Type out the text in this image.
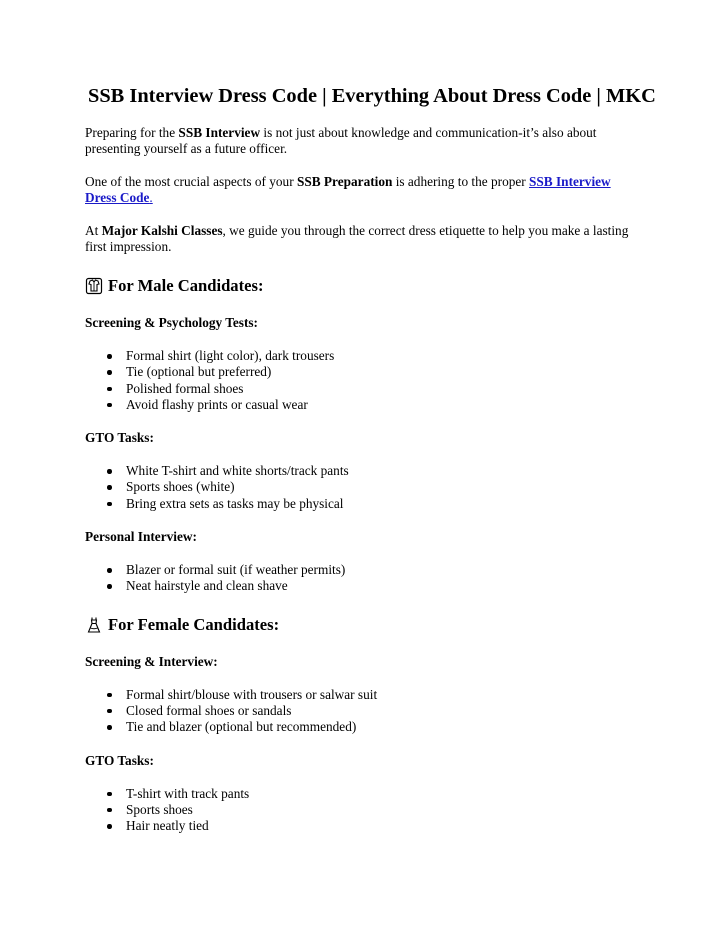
SSB Interview Dress Code | Everything About Dress Code | MKC

Preparing for the SSB Interview is not just about knowledge and communication-it’s also about presenting yourself as a future officer.

One of the most crucial aspects of your SSB Preparation is adhering to the proper SSB Interview Dress Code.

At Major Kalshi Classes, we guide you through the correct dress etiquette to help you make a lasting first impression.

For Male Candidates:

Screening & Psychology Tests:

Formal shirt (light color), dark trousers
Tie (optional but preferred)
Polished formal shoes
Avoid flashy prints or casual wear

GTO Tasks:

White T-shirt and white shorts/track pants
Sports shoes (white)
Bring extra sets as tasks may be physical

Personal Interview:

Blazer or formal suit (if weather permits)
Neat hairstyle and clean shave
For Female Candidates:

Screening & Interview:

Formal shirt/blouse with trousers or salwar suit
Closed formal shoes or sandals
Tie and blazer (optional but recommended)

GTO Tasks:

T-shirt with track pants
Sports shoes
Hair neatly tied
